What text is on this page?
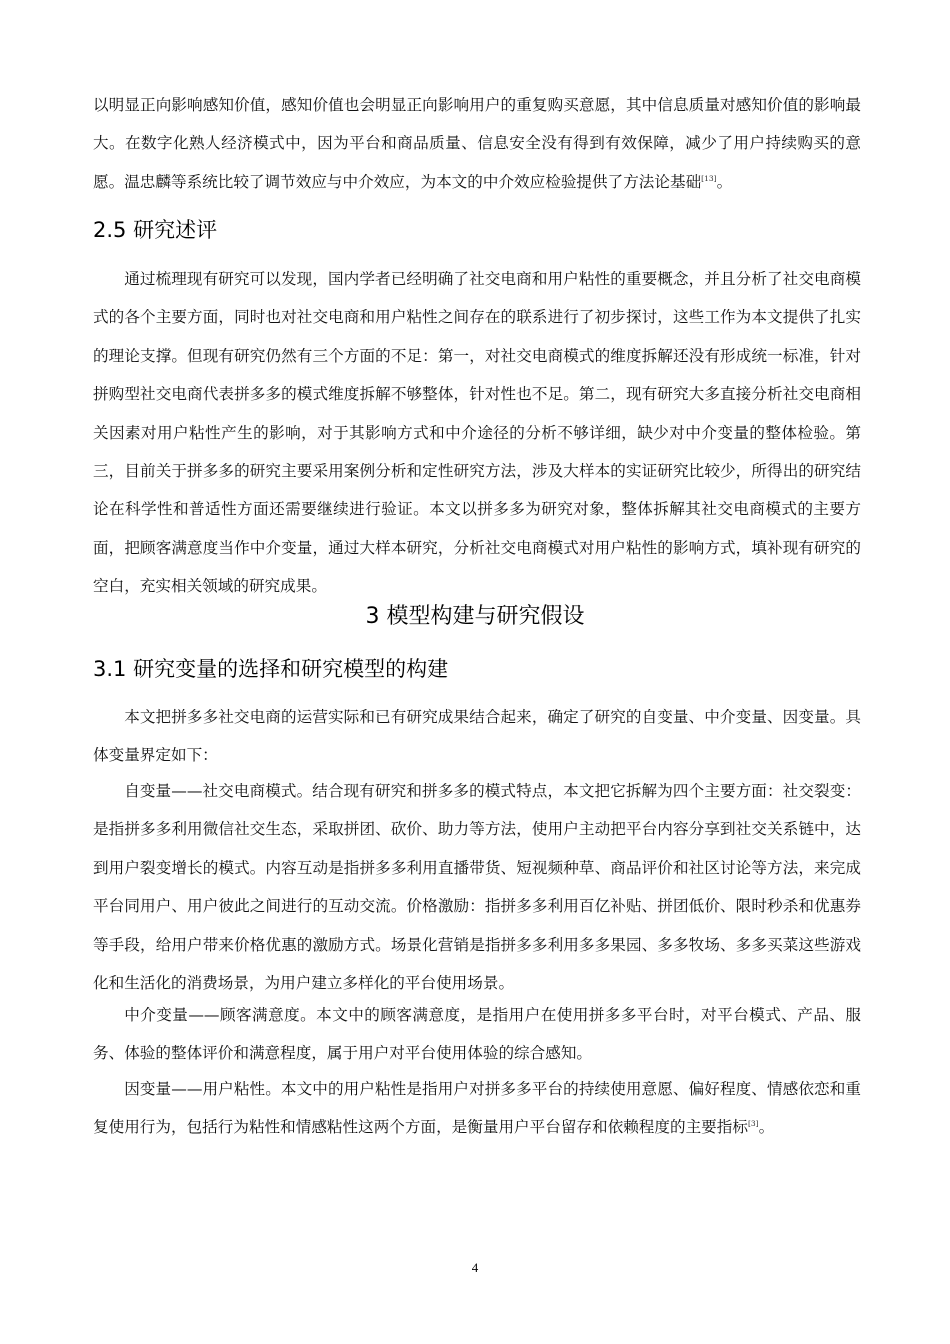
以明显正向影响感知价值，感知价值也会明显正向影响用户的重复购买意愿，其中信息质量对感知价值的影响最大。在数字化熟人经济模式中，因为平台和商品质量、信息安全没有得到有效保障，减少了用户持续购买的意愿。温忠麟等系统比较了调节效应与中介效应，为本文的中介效应检验提供了方法论基础[13]。

2.5 研究述评

通过梳理现有研究可以发现，国内学者已经明确了社交电商和用户粘性的重要概念，并且分析了社交电商模式的各个主要方面，同时也对社交电商和用户粘性之间存在的联系进行了初步探讨，这些工作为本文提供了扎实的理论支撑。但现有研究仍然有三个方面的不足：第一，对社交电商模式的维度拆解还没有形成统一标准，针对拼购型社交电商代表拼多多的模式维度拆解不够整体，针对性也不足。第二，现有研究大多直接分析社交电商相关因素对用户粘性产生的影响，对于其影响方式和中介途径的分析不够详细，缺少对中介变量的整体检验。第三，目前关于拼多多的研究主要采用案例分析和定性研究方法，涉及大样本的实证研究比较少，所得出的研究结论在科学性和普适性方面还需要继续进行验证。本文以拼多多为研究对象，整体拆解其社交电商模式的主要方面，把顾客满意度当作中介变量，通过大样本研究，分析社交电商模式对用户粘性的影响方式，填补现有研究的空白，充实相关领域的研究成果。

3 模型构建与研究假设
3.1 研究变量的选择和研究模型的构建

本文把拼多多社交电商的运营实际和已有研究成果结合起来，确定了研究的自变量、中介变量、因变量。具体变量界定如下：

自变量——社交电商模式。结合现有研究和拼多多的模式特点，本文把它拆解为四个主要方面：社交裂变：是指拼多多利用微信社交生态，采取拼团、砍价、助力等方法，使用户主动把平台内容分享到社交关系链中，达到用户裂变增长的模式。内容互动是指拼多多利用直播带货、短视频种草、商品评价和社区讨论等方法，来完成平台同用户、用户彼此之间进行的互动交流。价格激励：指拼多多利用百亿补贴、拼团低价、限时秒杀和优惠券等手段，给用户带来价格优惠的激励方式。场景化营销是指拼多多利用多多果园、多多牧场、多多买菜这些游戏化和生活化的消费场景，为用户建立多样化的平台使用场景。

中介变量——顾客满意度。本文中的顾客满意度，是指用户在使用拼多多平台时，对平台模式、产品、服务、体验的整体评价和满意程度，属于用户对平台使用体验的综合感知。

因变量——用户粘性。本文中的用户粘性是指用户对拼多多平台的持续使用意愿、偏好程度、情感依恋和重复使用行为，包括行为粘性和情感粘性这两个方面，是衡量用户平台留存和依赖程度的主要指标[3]。

4
